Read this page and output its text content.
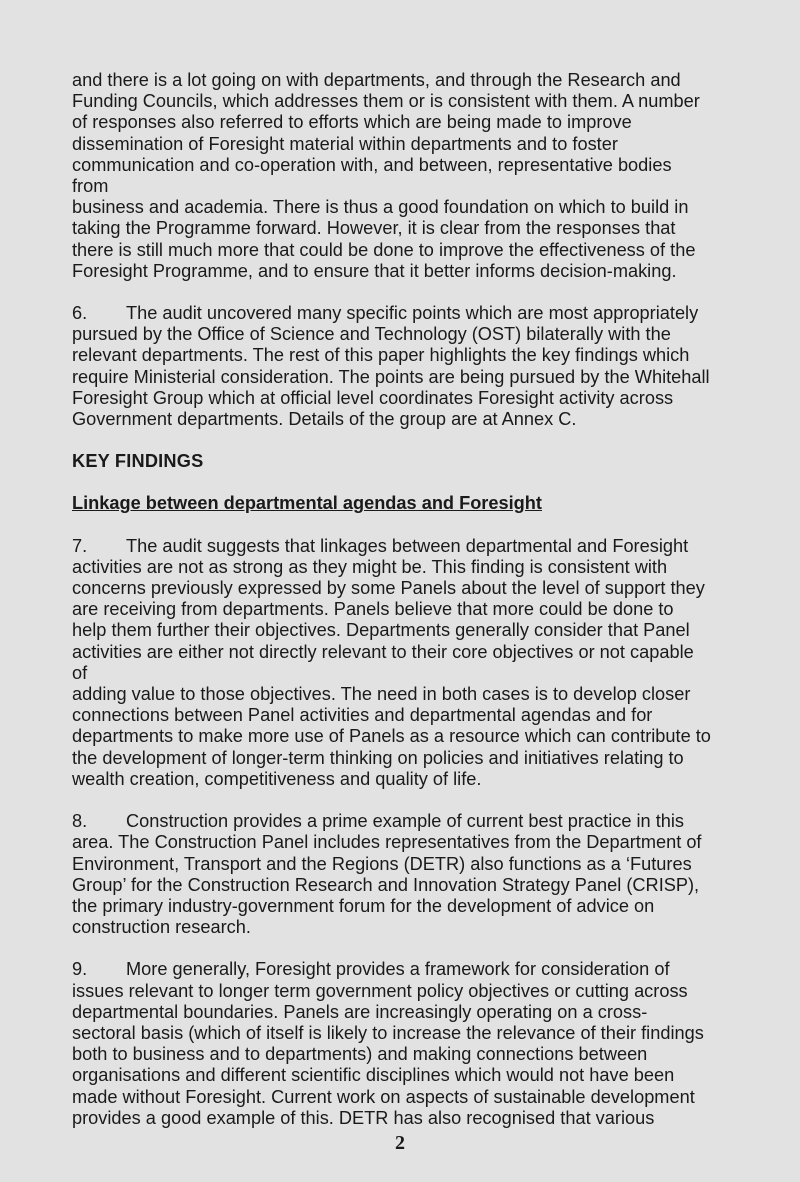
and there is a lot going on with departments, and through the Research and
Funding Councils, which addresses them or is consistent with them. A number
of responses also referred to efforts which are being made to improve
dissemination of Foresight material within departments and to foster
communication and co-operation with, and between, representative bodies from
business and academia. There is thus a good foundation on which to build in
taking the Programme forward. However, it is clear from the responses that
there is still much more that could be done to improve the effectiveness of the
Foresight Programme, and to ensure that it better informs decision-making.
6. The audit uncovered many specific points which are most appropriately
pursued by the Office of Science and Technology (OST) bilaterally with the
relevant departments. The rest of this paper highlights the key findings which
require Ministerial consideration. The points are being pursued by the Whitehall
Foresight Group which at official level coordinates Foresight activity across
Government departments. Details of the group are at Annex C.
KEY FINDINGS
Linkage between departmental agendas and Foresight
7. The audit suggests that linkages between departmental and Foresight
activities are not as strong as they might be. This finding is consistent with
concerns previously expressed by some Panels about the level of support they
are receiving from departments. Panels believe that more could be done to
help them further their objectives. Departments generally consider that Panel
activities are either not directly relevant to their core objectives or not capable of
adding value to those objectives. The need in both cases is to develop closer
connections between Panel activities and departmental agendas and for
departments to make more use of Panels as a resource which can contribute to
the development of longer-term thinking on policies and initiatives relating to
wealth creation, competitiveness and quality of life.
8. Construction provides a prime example of current best practice in this
area. The Construction Panel includes representatives from the Department of
Environment, Transport and the Regions (DETR) also functions as a ‘Futures
Group’ for the Construction Research and Innovation Strategy Panel (CRISP),
the primary industry-government forum for the development of advice on
construction research.
9. More generally, Foresight provides a framework for consideration of
issues relevant to longer term government policy objectives or cutting across
departmental boundaries. Panels are increasingly operating on a cross-
sectoral basis (which of itself is likely to increase the relevance of their findings
both to business and to departments) and making connections between
organisations and different scientific disciplines which would not have been
made without Foresight. Current work on aspects of sustainable development
provides a good example of this. DETR has also recognised that various
2
